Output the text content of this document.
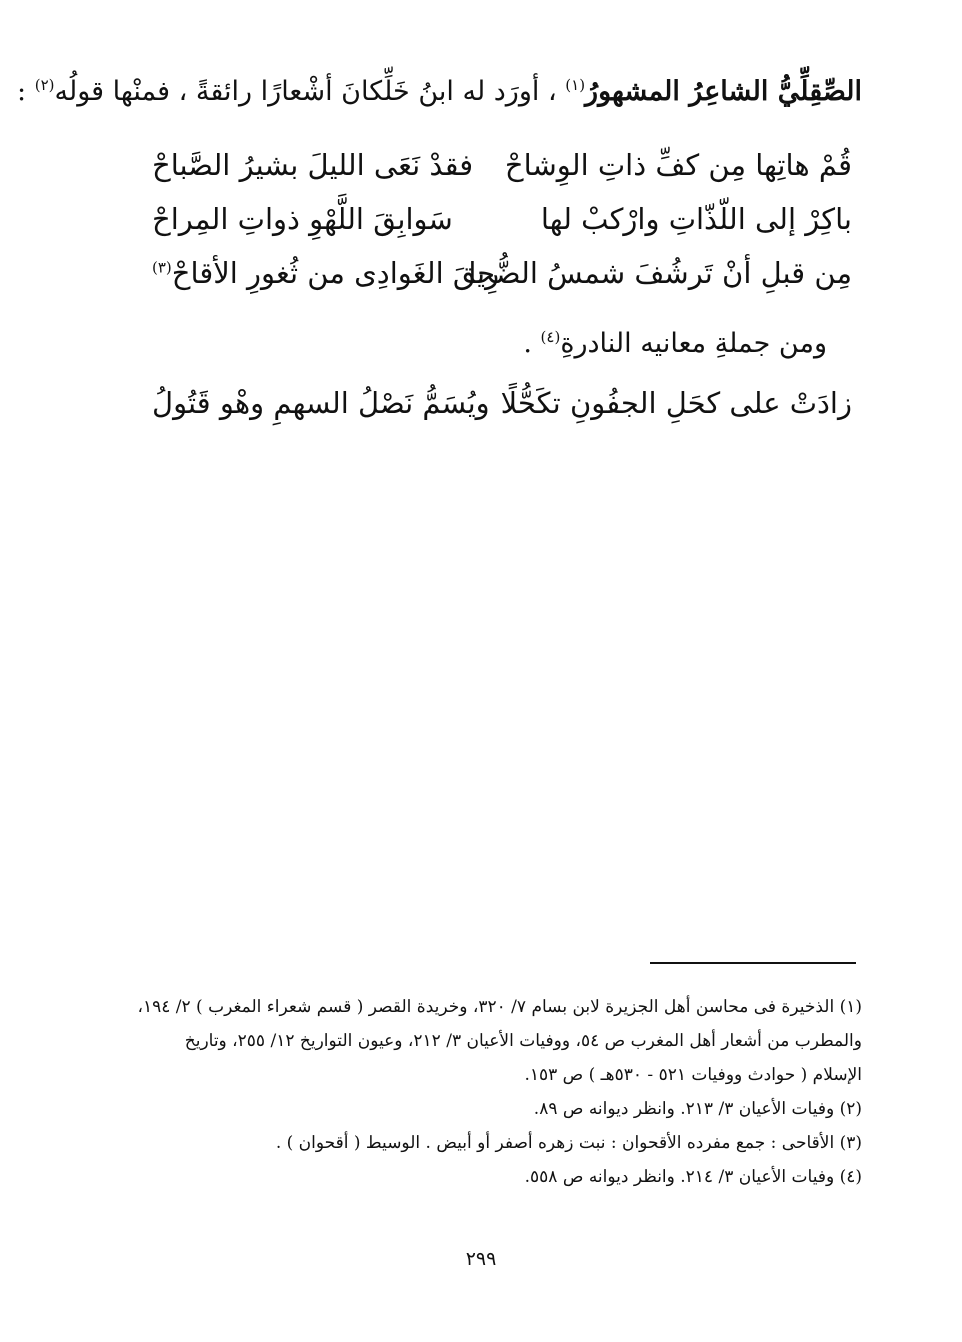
الصِّقِلِّيُّ الشاعِرُ المشهورُ$^{(١)}$ ، أورَد له ابنُ خَلِّكانَ أشْعارًا رائقةً ، فمنْها قولُه$^{(٢)}$ :
قُمْ هاتِها مِن كفِّ ذاتِ الوِشاحْ
فقدْ نَعَى الليلَ بشيرُ الصَّباحْ
باكِرْ إلى اللّذّاتِ وارْكبْ لها
سَوابِقَ اللَّهْوِ ذواتِ المِراحْ
مِن قبلِ أنْ تَرشُفَ شمسُ الضُّحا
رِيقَ الغَوادِى من ثُغورِ الأقاحْ$^{(٣)}$
ومن جملةِ معانيه النادرةِ$^{(٤)}$ .
زادَتْ على كحَلِ الجفُونِ تكَحُّلًا
ويُسَمُّ نَصْلُ السهمِ وهْو قَتُولُ
(١) الذخيرة فى محاسن أهل الجزيرة لابن بسام ٧/ ٣٢٠، وخريدة القصر ( قسم شعراء المغرب ) ٢/ ١٩٤،
والمطرب من أشعار أهل المغرب ص ٥٤، ووفيات الأعيان ٣/ ٢١٢، وعيون التواريخ ١٢/ ٢٥٥، وتاريخ
الإسلام ( حوادث ووفيات ٥٢١ - ٥٣٠هـ ) ص ١٥٣.
(٢) وفيات الأعيان ٣/ ٢١٣. وانظر ديوانه ص ٨٩.
(٣) الأقاحى : جمع مفرده الأقحوان : نبت زهره أصفر أو أبيض . الوسيط ( أقحوان ) .
(٤) وفيات الأعيان ٣/ ٢١٤. وانظر ديوانه ص ٥٥٨.
٢٩٩
